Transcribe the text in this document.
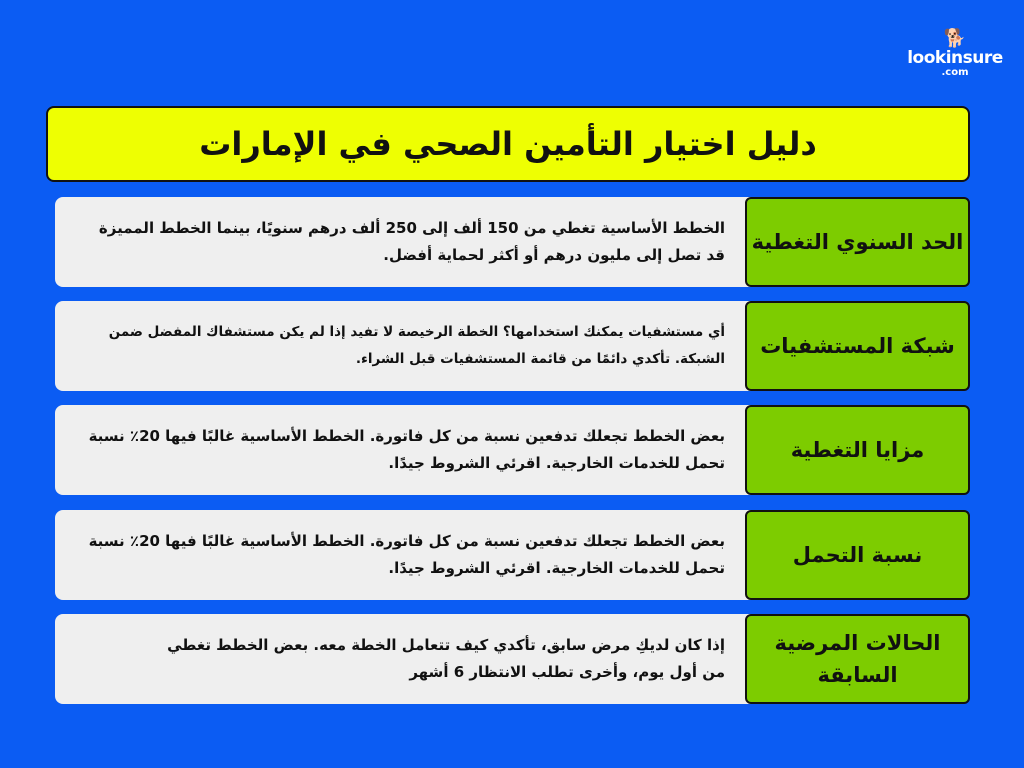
🐕
lookinsure
.com
دليل اختيار التأمين الصحي في الإمارات
الخطط الأساسية تغطي من 150 ألف إلى 250 ألف درهم سنويًا، بينما الخطط المميزة قد تصل إلى مليون درهم أو أكثر لحماية أفضل.
الحد السنوي التغطية
أي مستشفيات يمكنك استخدامها؟ الخطة الرخيصة لا تفيد إذا لم يكن مستشفاك المفضل ضمن الشبكة. تأكدي دائمًا من قائمة المستشفيات قبل الشراء.
شبكة المستشفيات
بعض الخطط تجعلك تدفعين نسبة من كل فاتورة. الخطط الأساسية غالبًا فيها 20٪ نسبة تحمل للخدمات الخارجية. اقرئي الشروط جيدًا.
مزايا التغطية
بعض الخطط تجعلك تدفعين نسبة من كل فاتورة. الخطط الأساسية غالبًا فيها 20٪ نسبة تحمل للخدمات الخارجية. اقرئي الشروط جيدًا.
نسبة التحمل
إذا كان لديكِ مرض سابق، تأكدي كيف تتعامل الخطة معه. بعض الخطط تغطي من أول يوم، وأخرى تطلب الانتظار 6 أشهر
الحالات المرضية السابقة
